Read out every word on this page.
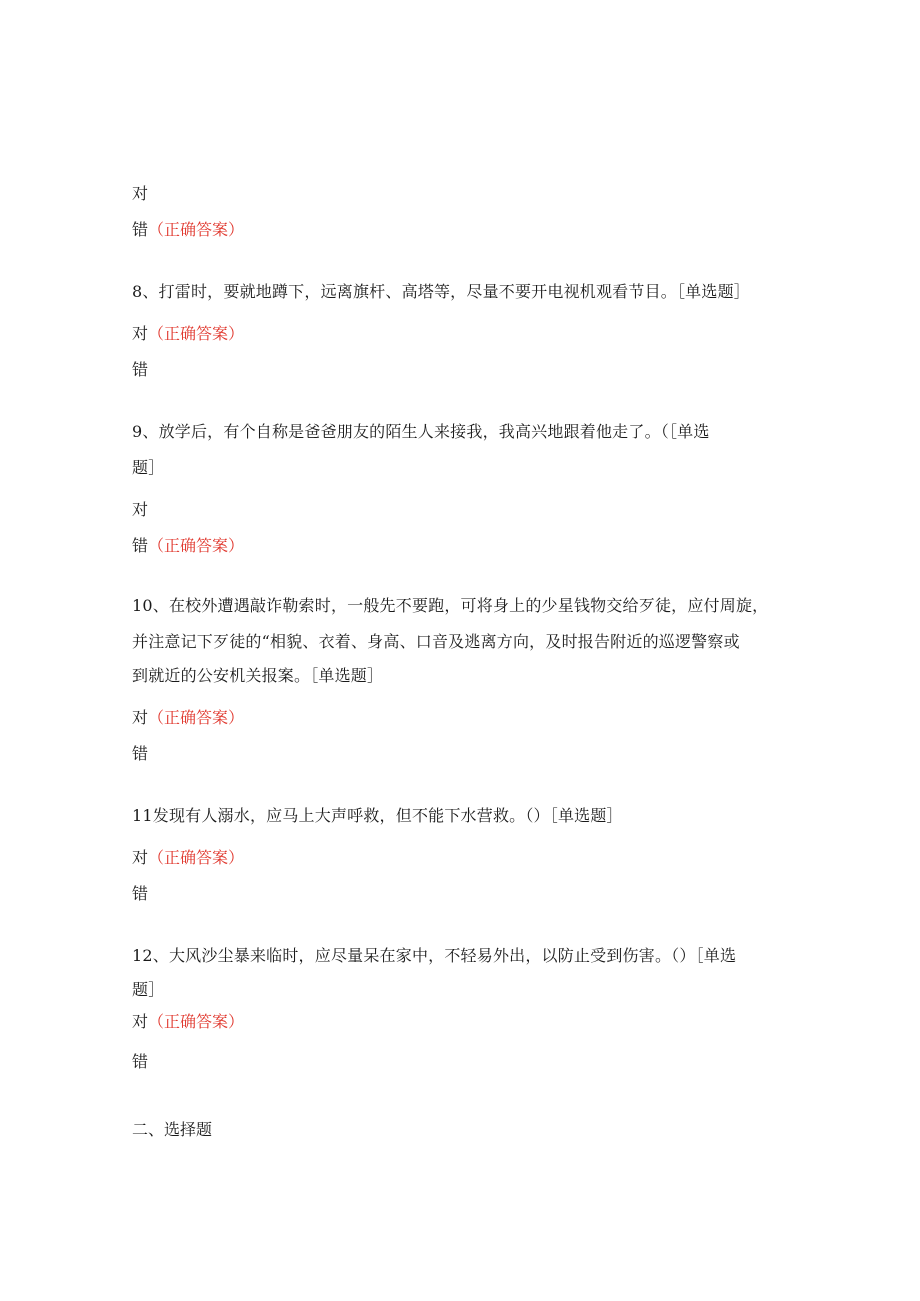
对
错（正确答案）
8、打雷时，要就地蹲下，远离旗杆、高塔等，尽量不要开电视机观看节目。［单选题］
对（正确答案）
错
9、放学后，有个自称是爸爸朋友的陌生人来接我，我高兴地跟着他走了。（［单选
题］
对
错（正确答案）
10、在校外遭遇敲诈勒索时，一般先不要跑，可将身上的少星钱物交给歹徒，应付周旋，
并注意记下歹徒的“相貌、衣着、身高、口音及逃离方向，及时报告附近的巡逻警察或
到就近的公安机关报案。［单选题］
对（正确答案）
错
11发现有人溺水，应马上大声呼救，但不能下水营救。（）［单选题］
对（正确答案）
错
12、大风沙尘暴来临时，应尽量呆在家中，不轻易外出，以防止受到伤害。（）［单选
题］
对（正确答案）
错
二、选择题
